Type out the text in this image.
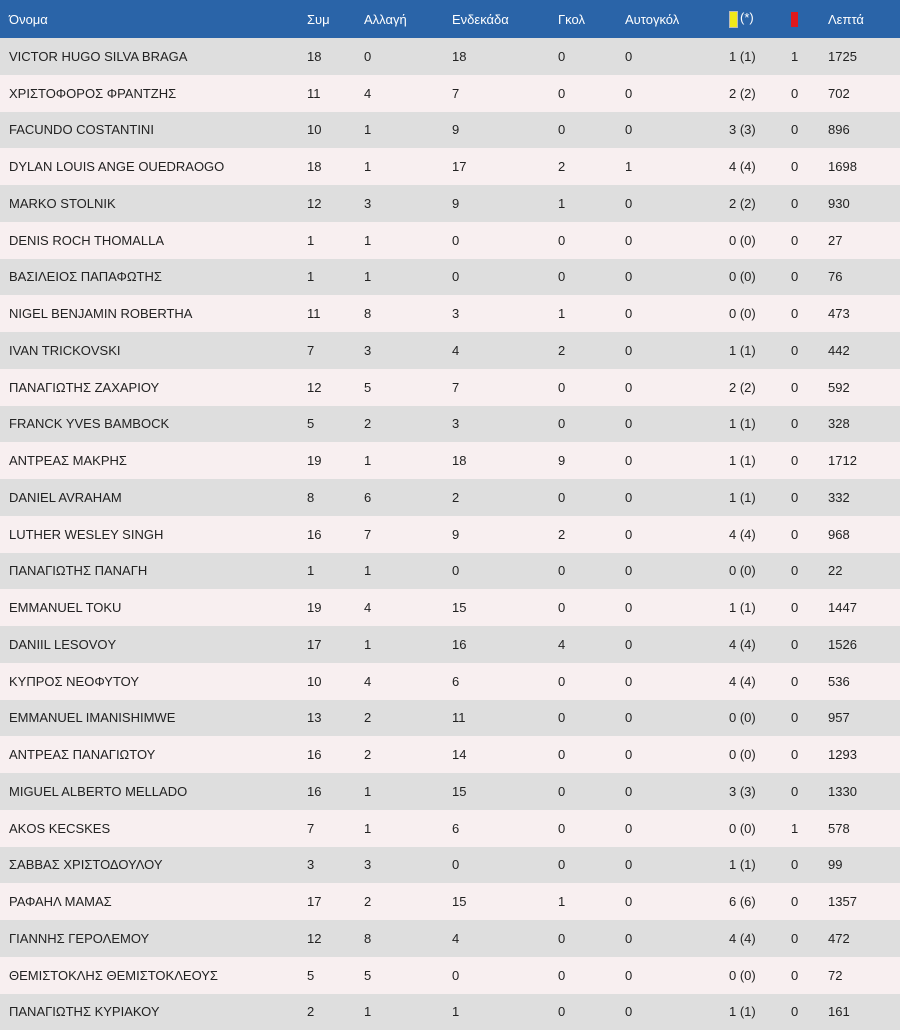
Όνομα	Συμ	Αλλαγή	Ενδεκάδα	Γκολ	Αυτογκόλ	(*)		Λεπτά
VICTOR HUGO SILVA BRAGA	18	0	18	0	0	1 (1)	1	1725
ΧΡΙΣΤΟΦΟΡΟΣ ΦΡΑΝΤΖΗΣ	11	4	7	0	0	2 (2)	0	702
FACUNDO COSTANTINI	10	1	9	0	0	3 (3)	0	896
DYLAN LOUIS ANGE OUEDRAOGO	18	1	17	2	1	4 (4)	0	1698
MARKO STOLNIK	12	3	9	1	0	2 (2)	0	930
DENIS ROCH THOMALLA	1	1	0	0	0	0 (0)	0	27
ΒΑΣΙΛΕΙΟΣ ΠΑΠΑΦΩΤΗΣ	1	1	0	0	0	0 (0)	0	76
NIGEL BENJAMIN ROBERTHA	11	8	3	1	0	0 (0)	0	473
IVAN TRICKOVSKI	7	3	4	2	0	1 (1)	0	442
ΠΑΝΑΓΙΩΤΗΣ ΖΑΧΑΡΙΟΥ	12	5	7	0	0	2 (2)	0	592
FRANCK YVES BAMBOCK	5	2	3	0	0	1 (1)	0	328
ΑΝΤΡΕΑΣ ΜΑΚΡΗΣ	19	1	18	9	0	1 (1)	0	1712
DANIEL AVRAHAM	8	6	2	0	0	1 (1)	0	332
LUTHER WESLEY SINGH	16	7	9	2	0	4 (4)	0	968
ΠΑΝΑΓΙΩΤΗΣ ΠΑΝΑΓΗ	1	1	0	0	0	0 (0)	0	22
EMMANUEL TOKU	19	4	15	0	0	1 (1)	0	1447
DANIIL LESOVOY	17	1	16	4	0	4 (4)	0	1526
ΚΥΠΡΟΣ ΝΕΟΦΥΤΟΥ	10	4	6	0	0	4 (4)	0	536
EMMANUEL IMANISHIMWE	13	2	11	0	0	0 (0)	0	957
ΑΝΤΡΕΑΣ ΠΑΝΑΓΙΩΤΟΥ	16	2	14	0	0	0 (0)	0	1293
MIGUEL ALBERTO MELLADO	16	1	15	0	0	3 (3)	0	1330
AKOS KECSKES	7	1	6	0	0	0 (0)	1	578
ΣΑΒΒΑΣ ΧΡΙΣΤΟΔΟΥΛΟΥ	3	3	0	0	0	1 (1)	0	99
ΡΑΦΑΗΛ ΜΑΜΑΣ	17	2	15	1	0	6 (6)	0	1357
ΓΙΑΝΝΗΣ ΓΕΡΟΛΕΜΟΥ	12	8	4	0	0	4 (4)	0	472
ΘΕΜΙΣΤΟΚΛΗΣ ΘΕΜΙΣΤΟΚΛΕΟΥΣ	5	5	0	0	0	0 (0)	0	72
ΠΑΝΑΓΙΩΤΗΣ ΚΥΡΙΑΚΟΥ	2	1	1	0	0	1 (1)	0	161
